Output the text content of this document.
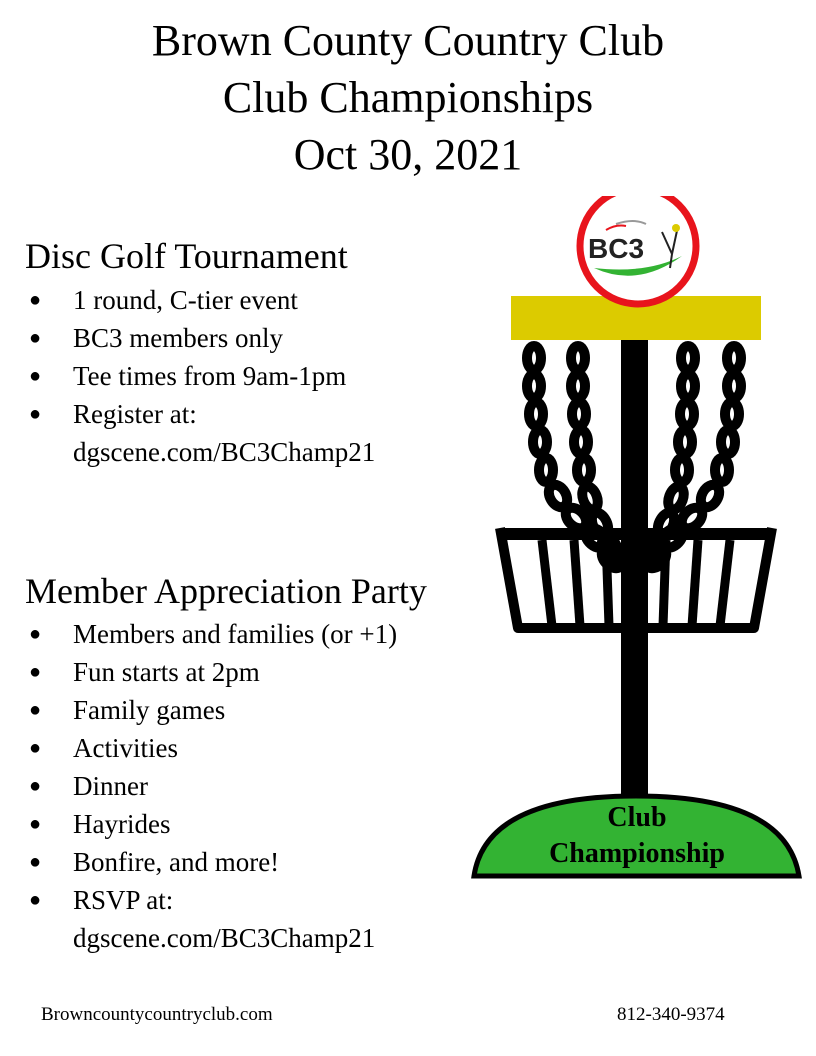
Brown County Country Club
Club Championships
Oct 30, 2021
Disc Golf Tournament
● 1 round, C-tier event
● BC3 members only
● Tee times from 9am-1pm
● Register at:
dgscene.com/BC3Champ21
Member Appreciation Party
● Members and families (or +1)
● Fun starts at 2pm
● Family games
● Activities
● Dinner
● Hayrides
● Bonfire, and more!
● RSVP at:
dgscene.com/BC3Champ21
Club
Championship
BC3
Browncountycountryclub.com	812-340-9374
